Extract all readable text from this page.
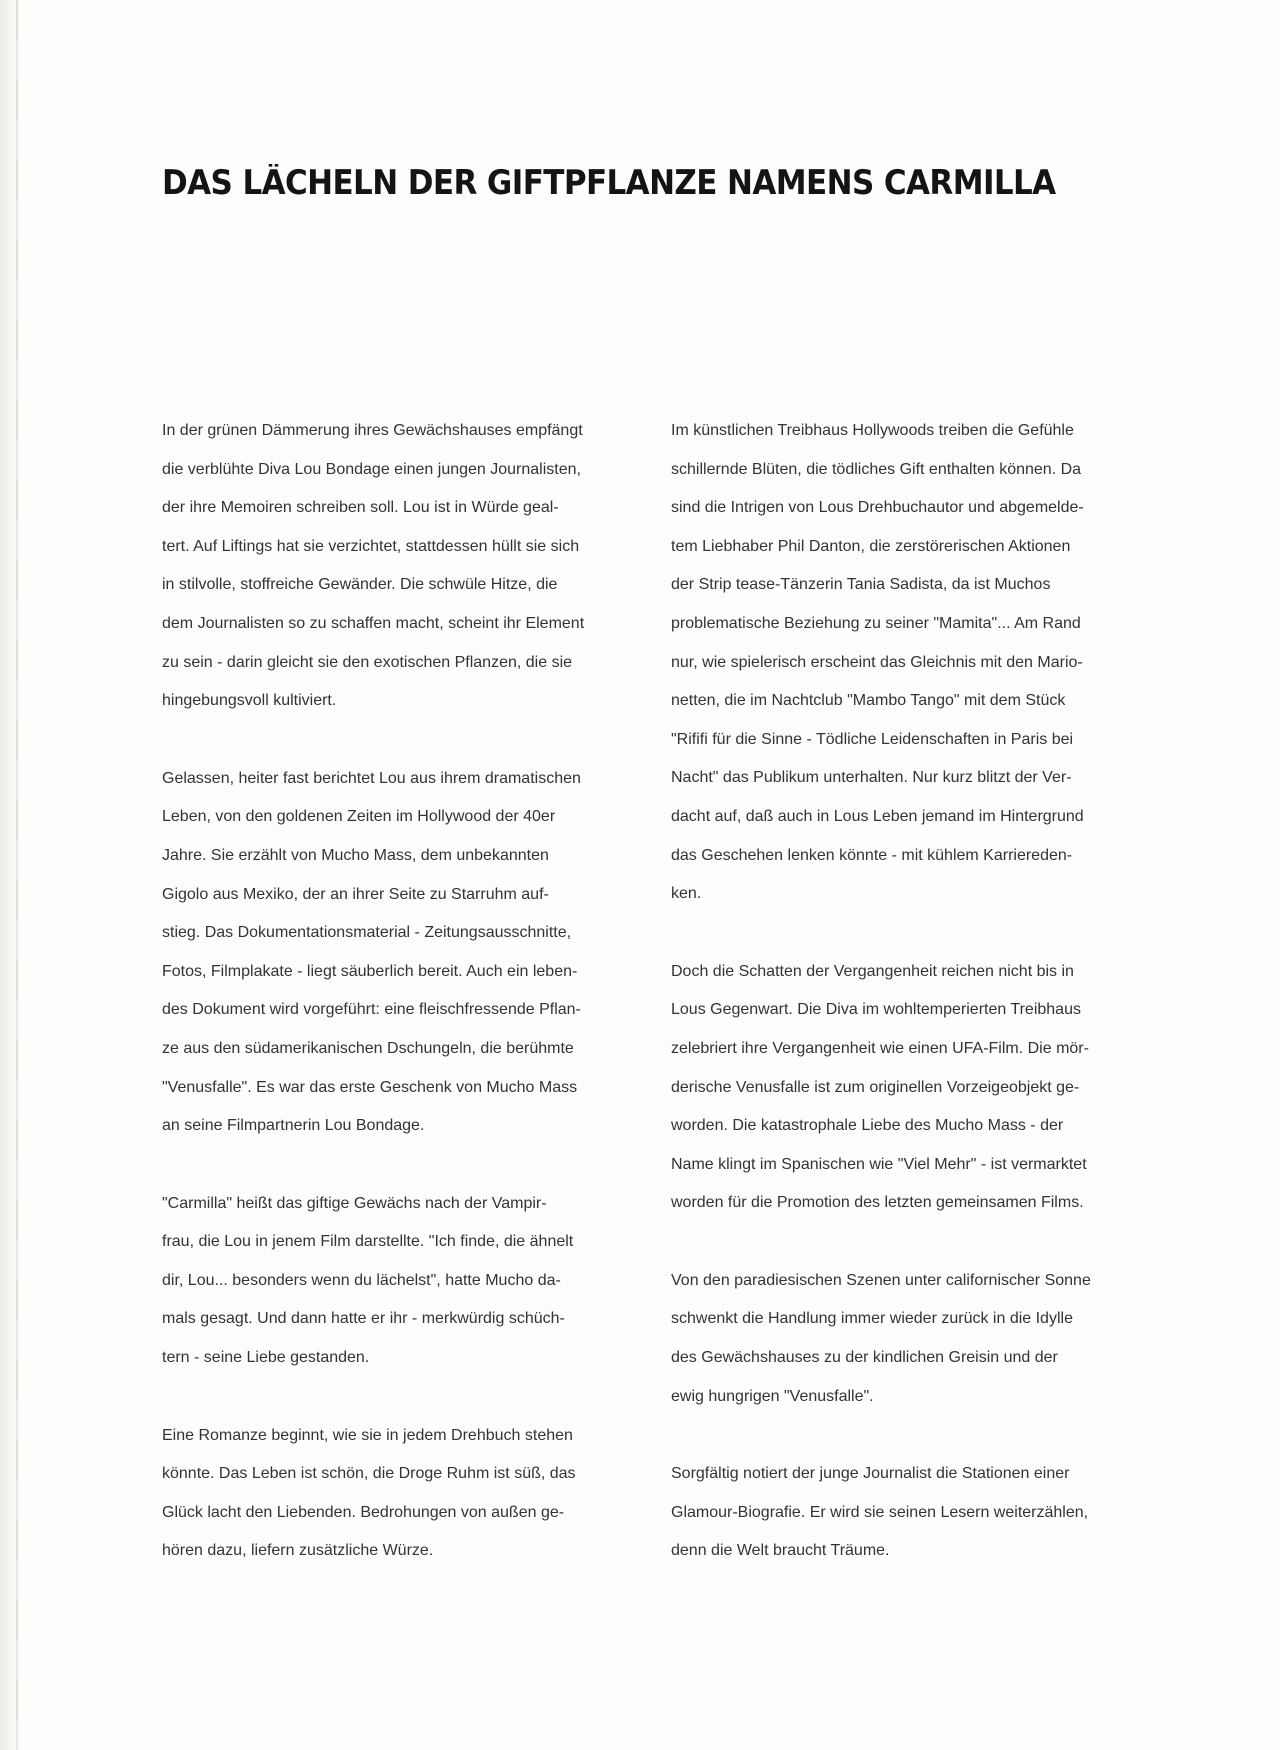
DAS LÄCHELN DER GIFTPFLANZE NAMENS CARMILLA

In der grünen Dämmerung ihres Gewächshauses empfängt
die verblühte Diva Lou Bondage einen jungen Journalisten,
der ihre Memoiren schreiben soll. Lou ist in Würde geal-
tert. Auf Liftings hat sie verzichtet, stattdessen hüllt sie sich
in stilvolle, stoffreiche Gewänder. Die schwüle Hitze, die
dem Journalisten so zu schaffen macht, scheint ihr Element
zu sein - darin gleicht sie den exotischen Pflanzen, die sie
hingebungsvoll kultiviert.

Gelassen, heiter fast berichtet Lou aus ihrem dramatischen
Leben, von den goldenen Zeiten im Hollywood der 40er
Jahre. Sie erzählt von Mucho Mass, dem unbekannten
Gigolo aus Mexiko, der an ihrer Seite zu Starruhm auf-
stieg. Das Dokumentationsmaterial - Zeitungsausschnitte,
Fotos, Filmplakate - liegt säuberlich bereit. Auch ein leben-
des Dokument wird vorgeführt: eine fleischfressende Pflan-
ze aus den südamerikanischen Dschungeln, die berühmte
"Venusfalle". Es war das erste Geschenk von Mucho Mass
an seine Filmpartnerin Lou Bondage.

"Carmilla" heißt das giftige Gewächs nach der Vampir-
frau, die Lou in jenem Film darstellte. "Ich finde, die ähnelt
dir, Lou... besonders wenn du lächelst", hatte Mucho da-
mals gesagt. Und dann hatte er ihr - merkwürdig schüch-
tern - seine Liebe gestanden.

Eine Romanze beginnt, wie sie in jedem Drehbuch stehen
könnte. Das Leben ist schön, die Droge Ruhm ist süß, das
Glück lacht den Liebenden. Bedrohungen von außen ge-
hören dazu, liefern zusätzliche Würze.

Im künstlichen Treibhaus Hollywoods treiben die Gefühle
schillernde Blüten, die tödliches Gift enthalten können. Da
sind die Intrigen von Lous Drehbuchautor und abgemelde-
tem Liebhaber Phil Danton, die zerstörerischen Aktionen
der Strip tease-Tänzerin Tania Sadista, da ist Muchos
problematische Beziehung zu seiner "Mamita"... Am Rand
nur, wie spielerisch erscheint das Gleichnis mit den Mario-
netten, die im Nachtclub "Mambo Tango" mit dem Stück
"Rififi für die Sinne - Tödliche Leidenschaften in Paris bei
Nacht" das Publikum unterhalten. Nur kurz blitzt der Ver-
dacht auf, daß auch in Lous Leben jemand im Hintergrund
das Geschehen lenken könnte - mit kühlem Karriereden-
ken.

Doch die Schatten der Vergangenheit reichen nicht bis in
Lous Gegenwart. Die Diva im wohltemperierten Treibhaus
zelebriert ihre Vergangenheit wie einen UFA-Film. Die mör-
derische Venusfalle ist zum originellen Vorzeigeobjekt ge-
worden. Die katastrophale Liebe des Mucho Mass - der
Name klingt im Spanischen wie "Viel Mehr" - ist vermarktet
worden für die Promotion des letzten gemeinsamen Films.

Von den paradiesischen Szenen unter californischer Sonne
schwenkt die Handlung immer wieder zurück in die Idylle
des Gewächshauses zu der kindlichen Greisin und der
ewig hungrigen "Venusfalle".

Sorgfältig notiert der junge Journalist die Stationen einer
Glamour-Biografie. Er wird sie seinen Lesern weiterzählen,
denn die Welt braucht Träume.
